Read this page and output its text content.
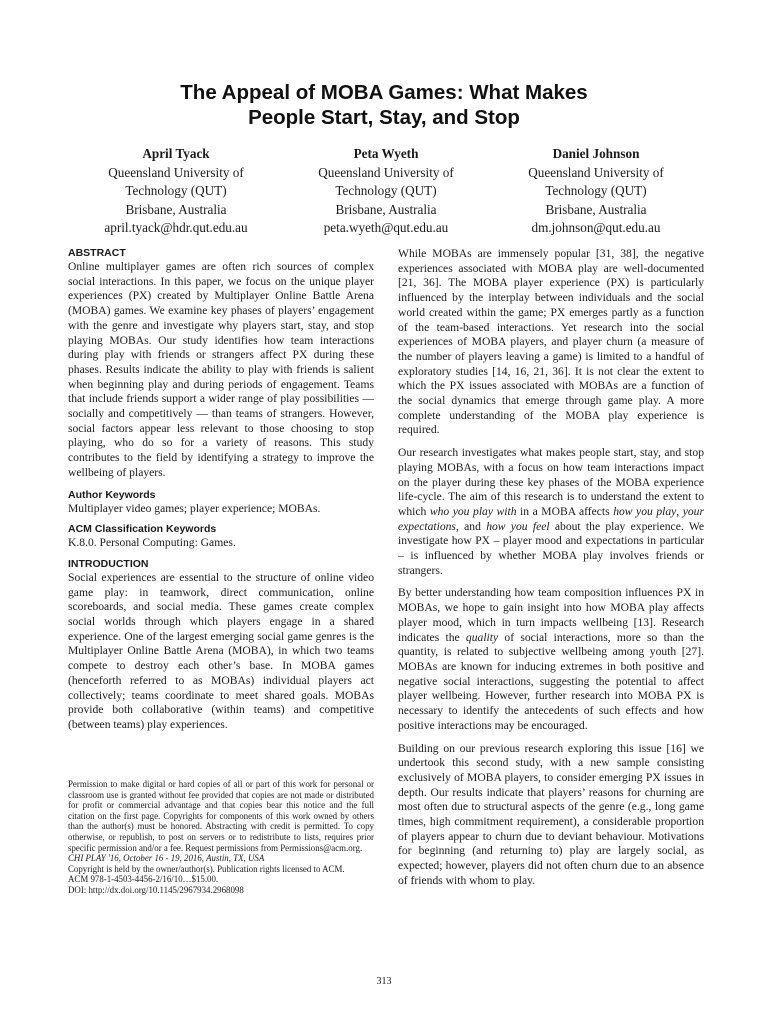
The Appeal of MOBA Games: What Makes
People Start, Stay, and Stop
April Tyack
Queensland University of
Technology (QUT)
Brisbane, Australia
april.tyack@hdr.qut.edu.au
Peta Wyeth
Queensland University of
Technology (QUT)
Brisbane, Australia
peta.wyeth@qut.edu.au
Daniel Johnson
Queensland University of
Technology (QUT)
Brisbane, Australia
dm.johnson@qut.edu.au
ABSTRACT

Online multiplayer games are often rich sources of complex social interactions. In this paper, we focus on the unique player experiences (PX) created by Multiplayer Online Battle Arena (MOBA) games. We examine key phases of players’ engagement with the genre and investigate why players start, stay, and stop playing MOBAs. Our study identifies how team interactions during play with friends or strangers affect PX during these phases. Results indicate the ability to play with friends is salient when beginning play and during periods of engagement. Teams that include friends support a wider range of play possibilities — socially and competitively — than teams of strangers. However, social factors appear less relevant to those choosing to stop playing, who do so for a variety of reasons. This study contributes to the field by identifying a strategy to improve the wellbeing of players.

Author Keywords

Multiplayer video games; player experience; MOBAs.

ACM Classification Keywords

K.8.0. Personal Computing: Games.

INTRODUCTION

Social experiences are essential to the structure of online video game play: in teamwork, direct communication, online scoreboards, and social media. These games create complex social worlds through which players engage in a shared experience. One of the largest emerging social game genres is the Multiplayer Online Battle Arena (MOBA), in which two teams compete to destroy each other’s base. In MOBA games (henceforth referred to as MOBAs) individual players act collectively; teams coordinate to meet shared goals. MOBAs provide both collaborative (within teams) and competitive (between teams) play experiences.

Permission to make digital or hard copies of all or part of this work for personal or classroom use is granted without fee provided that copies are not made or distributed for profit or commercial advantage and that copies bear this notice and the full citation on the first page. Copyrights for components of this work owned by others than the author(s) must be honored. Abstracting with credit is permitted. To copy otherwise, or republish, to post on servers or to redistribute to lists, requires prior specific permission and/or a fee. Request permissions from Permissions@acm.org.
CHI PLAY '16, October 16 - 19, 2016, Austin, TX, USA
Copyright is held by the owner/author(s). Publication rights licensed to ACM.
ACM 978-1-4503-4456-2/16/10…$15.00.
DOI: http://dx.doi.org/10.1145/2967934.2968098

While MOBAs are immensely popular [31, 38], the negative experiences associated with MOBA play are well-documented [21, 36]. The MOBA player experience (PX) is particularly influenced by the interplay between individuals and the social world created within the game; PX emerges partly as a function of the team-based interactions. Yet research into the social experiences of MOBA players, and player churn (a measure of the number of players leaving a game) is limited to a handful of exploratory studies [14, 16, 21, 36]. It is not clear the extent to which the PX issues associated with MOBAs are a function of the social dynamics that emerge through game play. A more complete understanding of the MOBA play experience is required.

Our research investigates what makes people start, stay, and stop playing MOBAs, with a focus on how team interactions impact on the player during these key phases of the MOBA experience life-cycle. The aim of this research is to understand the extent to which who you play with in a MOBA affects how you play, your expectations, and how you feel about the play experience. We investigate how PX – player mood and expectations in particular – is influenced by whether MOBA play involves friends or strangers.

By better understanding how team composition influences PX in MOBAs, we hope to gain insight into how MOBA play affects player mood, which in turn impacts wellbeing [13]. Research indicates the quality of social interactions, more so than the quantity, is related to subjective wellbeing among youth [27]. MOBAs are known for inducing extremes in both positive and negative social interactions, suggesting the potential to affect player wellbeing. However, further research into MOBA PX is necessary to identify the antecedents of such effects and how positive interactions may be encouraged.

Building on our previous research exploring this issue [16] we undertook this second study, with a new sample consisting exclusively of MOBA players, to consider emerging PX issues in depth. Our results indicate that players’ reasons for churning are most often due to structural aspects of the genre (e.g., long game times, high commitment requirement), a considerable proportion of players appear to churn due to deviant behaviour. Motivations for beginning (and returning to) play are largely social, as expected; however, players did not often churn due to an absence of friends with whom to play.

313
